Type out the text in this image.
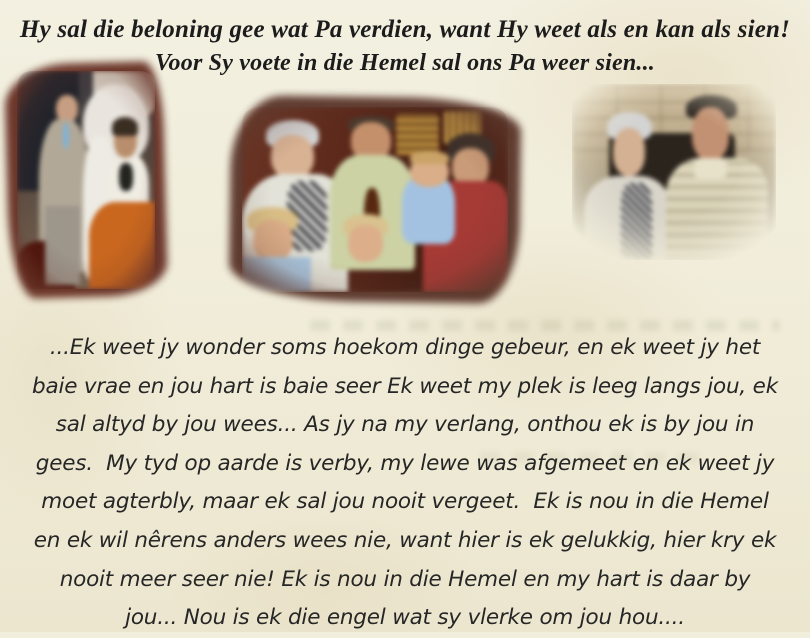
Hy sal die beloning gee wat Pa verdien, want Hy weet als en kan als sien!
Voor Sy voete in die Hemel sal ons Pa weer sien...
...Ek weet jy wonder soms hoekom dinge gebeur, en ek weet jy het
baie vrae en jou hart is baie seer Ek weet my plek is leeg langs jou, ek
sal altyd by jou wees... As jy na my verlang, onthou ek is by jou in
gees.  My tyd op aarde is verby, my lewe was afgemeet en ek weet jy
moet agterbly, maar ek sal jou nooit vergeet.  Ek is nou in die Hemel
en ek wil nêrens anders wees nie, want hier is ek gelukkig, hier kry ek
nooit meer seer nie! Ek is nou in die Hemel en my hart is daar by
jou... Nou is ek die engel wat sy vlerke om jou hou....
